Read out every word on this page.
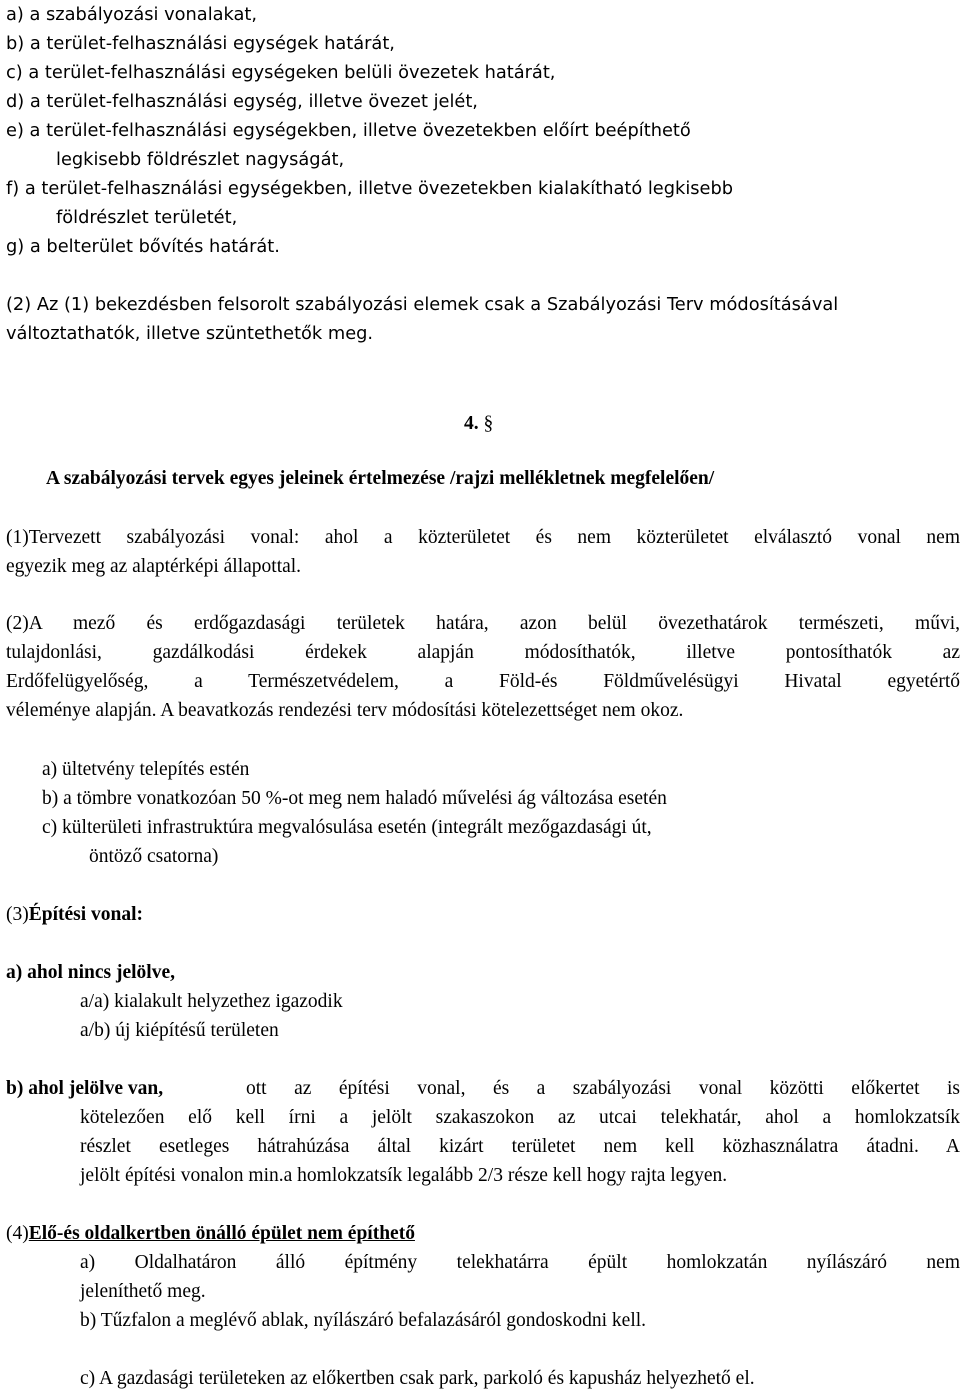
a) a szabályozási vonalakat,
b) a terület-felhasználási egységek határát,
c) a terület-felhasználási egységeken belüli övezetek határát,
d) a terület-felhasználási egység, illetve övezet jelét,
e) a terület-felhasználási egységekben, illetve övezetekben előírt beépíthető
legkisebb földrészlet nagyságát,
f) a terület-felhasználási egységekben, illetve övezetekben kialakítható legkisebb
földrészlet területét,
g) a belterület bővítés határát.
(2) Az (1) bekezdésben felsorolt szabályozási elemek csak a Szabályozási Terv módosításával
változtathatók, illetve szüntethetők meg.
4. §
A szabályozási tervek egyes jeleinek értelmezése /rajzi mellékletnek megfelelően/
(1)Tervezett szabályozási vonal: ahol a közterületet és nem közterületet elválasztó vonal nem
egyezik meg az alaptérképi állapottal.
(2)A mező és erdőgazdasági területek határa, azon belül övezethatárok természeti, művi,
tulajdonlási, gazdálkodási érdekek alapján módosíthatók, illetve pontosíthatók az
Erdőfelügyelőség, a Természetvédelem, a Föld-és Földművelésügyi Hivatal egyetértő
véleménye alapján. A beavatkozás rendezési terv módosítási kötelezettséget nem okoz.
a) ültetvény telepítés estén
b) a tömbre vonatkozóan 50 %-ot meg nem haladó művelési ág változása esetén
c) külterületi infrastruktúra megvalósulása esetén (integrált mezőgazdasági út,
öntöző csatorna)
(3)Építési vonal:
a) ahol nincs jelölve,
a/a) kialakult helyzethez igazodik
a/b) új kiépítésű területen
b) ahol jelölve van,	ott az építési vonal, és a szabályozási vonal közötti előkertet is
kötelezően elő kell írni a jelölt szakaszokon az utcai telekhatár, ahol a homlokzatsík
részlet esetleges hátrahúzása által kizárt területet nem kell közhasználatra átadni. A
jelölt építési vonalon min.a homlokzatsík legalább 2/3 része kell hogy rajta legyen.
(4)Elő-és oldalkertben önálló épület nem építhető
a) Oldalhatáron álló építmény telekhatárra épült homlokzatán nyílászáró nem
jeleníthető meg.
b) Tűzfalon a meglévő ablak, nyílászáró befalazásáról gondoskodni kell.
c) A gazdasági területeken az előkertben csak park, parkoló és kapusház helyezhető el.
